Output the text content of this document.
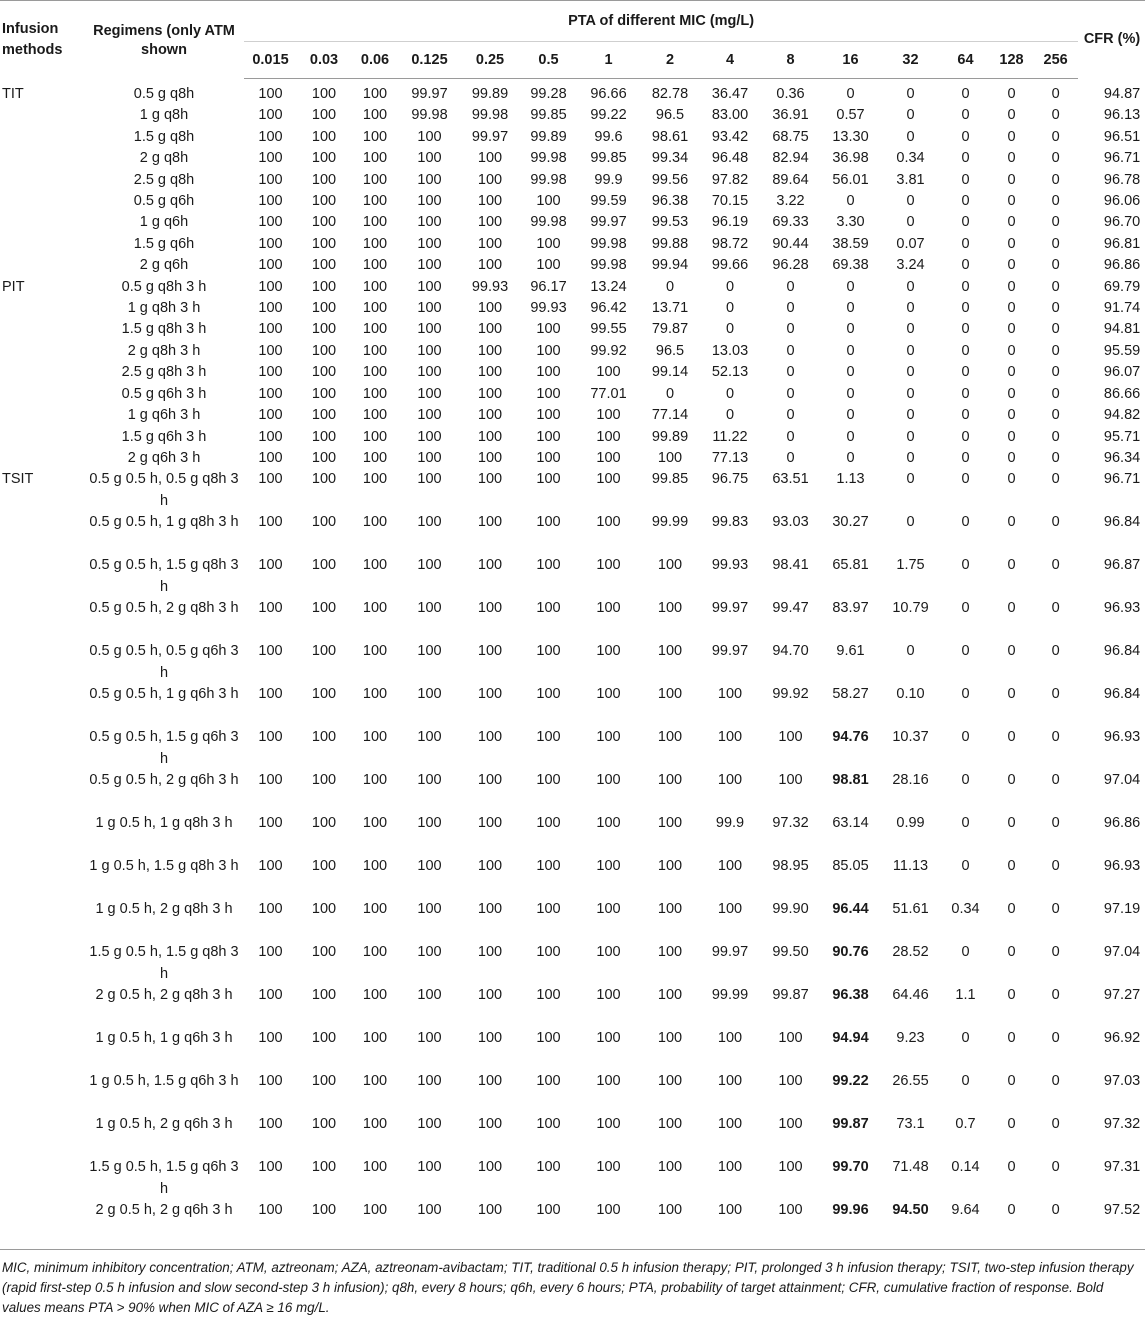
Infusion methods	Regimens (only ATM shown	PTA of different MIC (mg/L)															CFR (%)
		0.015	0.03	0.06	0.125	0.25	0.5	1	2	4	8	16	32	64	128	256	
TIT	0.5 g q8h	100	100	100	99.97	99.89	99.28	96.66	82.78	36.47	0.36	0	0	0	0	0	94.87
	1 g q8h	100	100	100	99.98	99.98	99.85	99.22	96.5	83.00	36.91	0.57	0	0	0	0	96.13
	1.5 g q8h	100	100	100	100	99.97	99.89	99.6	98.61	93.42	68.75	13.30	0	0	0	0	96.51
	2 g q8h	100	100	100	100	100	99.98	99.85	99.34	96.48	82.94	36.98	0.34	0	0	0	96.71
	2.5 g q8h	100	100	100	100	100	99.98	99.9	99.56	97.82	89.64	56.01	3.81	0	0	0	96.78
	0.5 g q6h	100	100	100	100	100	100	99.59	96.38	70.15	3.22	0	0	0	0	0	96.06
	1 g q6h	100	100	100	100	100	99.98	99.97	99.53	96.19	69.33	3.30	0	0	0	0	96.70
	1.5 g q6h	100	100	100	100	100	100	99.98	99.88	98.72	90.44	38.59	0.07	0	0	0	96.81
	2 g q6h	100	100	100	100	100	100	99.98	99.94	99.66	96.28	69.38	3.24	0	0	0	96.86
PIT	0.5 g q8h 3 h	100	100	100	100	99.93	96.17	13.24	0	0	0	0	0	0	0	0	69.79
	1 g q8h 3 h	100	100	100	100	100	99.93	96.42	13.71	0	0	0	0	0	0	0	91.74
	1.5 g q8h 3 h	100	100	100	100	100	100	99.55	79.87	0	0	0	0	0	0	0	94.81
	2 g q8h 3 h	100	100	100	100	100	100	99.92	96.5	13.03	0	0	0	0	0	0	95.59
	2.5 g q8h 3 h	100	100	100	100	100	100	100	99.14	52.13	0	0	0	0	0	0	96.07
	0.5 g q6h 3 h	100	100	100	100	100	100	77.01	0	0	0	0	0	0	0	0	86.66
	1 g q6h 3 h	100	100	100	100	100	100	100	77.14	0	0	0	0	0	0	0	94.82
	1.5 g q6h 3 h	100	100	100	100	100	100	100	99.89	11.22	0	0	0	0	0	0	95.71
	2 g q6h 3 h	100	100	100	100	100	100	100	100	77.13	0	0	0	0	0	0	96.34
TSIT	0.5 g 0.5 h, 0.5 g q8h 3 h	100	100	100	100	100	100	100	99.85	96.75	63.51	1.13	0	0	0	0	96.71
	0.5 g 0.5 h, 1 g q8h 3 h	100	100	100	100	100	100	100	99.99	99.83	93.03	30.27	0	0	0	0	96.84
	0.5 g 0.5 h, 1.5 g q8h 3 h	100	100	100	100	100	100	100	100	99.93	98.41	65.81	1.75	0	0	0	96.87
	0.5 g 0.5 h, 2 g q8h 3 h	100	100	100	100	100	100	100	100	99.97	99.47	83.97	10.79	0	0	0	96.93
	0.5 g 0.5 h, 0.5 g q6h 3 h	100	100	100	100	100	100	100	100	99.97	94.70	9.61	0	0	0	0	96.84
	0.5 g 0.5 h, 1 g q6h 3 h	100	100	100	100	100	100	100	100	100	99.92	58.27	0.10	0	0	0	96.84
	0.5 g 0.5 h, 1.5 g q6h 3 h	100	100	100	100	100	100	100	100	100	100	94.76	10.37	0	0	0	96.93
	0.5 g 0.5 h, 2 g q6h 3 h	100	100	100	100	100	100	100	100	100	100	98.81	28.16	0	0	0	97.04
	1 g 0.5 h, 1 g q8h 3 h	100	100	100	100	100	100	100	100	99.9	97.32	63.14	0.99	0	0	0	96.86
	1 g 0.5 h, 1.5 g q8h 3 h	100	100	100	100	100	100	100	100	100	98.95	85.05	11.13	0	0	0	96.93
	1 g 0.5 h, 2 g q8h 3 h	100	100	100	100	100	100	100	100	100	99.90	96.44	51.61	0.34	0	0	97.19
	1.5 g 0.5 h, 1.5 g q8h 3 h	100	100	100	100	100	100	100	100	99.97	99.50	90.76	28.52	0	0	0	97.04
	2 g 0.5 h, 2 g q8h 3 h	100	100	100	100	100	100	100	100	99.99	99.87	96.38	64.46	1.1	0	0	97.27
	1 g 0.5 h, 1 g q6h 3 h	100	100	100	100	100	100	100	100	100	100	94.94	9.23	0	0	0	96.92
	1 g 0.5 h, 1.5 g q6h 3 h	100	100	100	100	100	100	100	100	100	100	99.22	26.55	0	0	0	97.03
	1 g 0.5 h, 2 g q6h 3 h	100	100	100	100	100	100	100	100	100	100	99.87	73.1	0.7	0	0	97.32
	1.5 g 0.5 h, 1.5 g q6h 3 h	100	100	100	100	100	100	100	100	100	100	99.70	71.48	0.14	0	0	97.31
	2 g 0.5 h, 2 g q6h 3 h	100	100	100	100	100	100	100	100	100	100	99.96	94.50	9.64	0	0	97.52
MIC, minimum inhibitory concentration; ATM, aztreonam; AZA, aztreonam-avibactam; TIT, traditional 0.5 h infusion therapy; PIT, prolonged 3 h infusion therapy; TSIT, two-step infusion therapy (rapid first-step 0.5 h infusion and slow second-step 3 h infusion); q8h, every 8 hours; q6h, every 6 hours; PTA, probability of target attainment; CFR, cumulative fraction of response. Bold values means PTA > 90% when MIC of AZA ≥ 16 mg/L.
